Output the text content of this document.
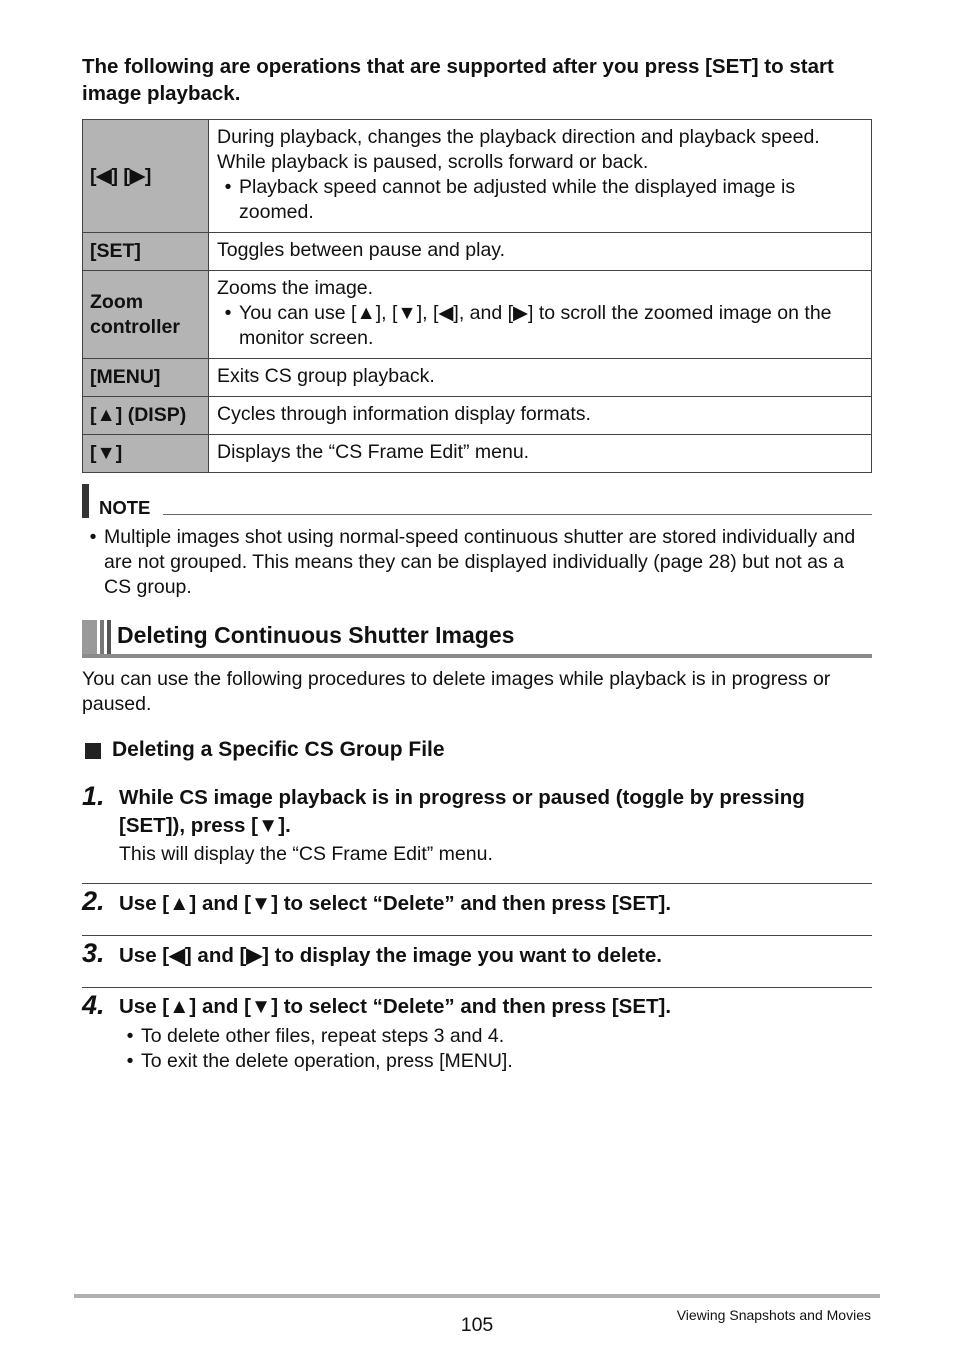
The following are operations that are supported after you press [SET] to start image playback.
[◀] [▶]	During playback, changes the playback direction and playback speed.
While playback is paused, scrolls forward or back.
• Playback speed cannot be adjusted while the displayed image is zoomed.

[SET]	Toggles between pause and play.

Zoom controller	Zooms the image.
• You can use [▲], [▼], [◀], and [▶] to scroll the zoomed image on the monitor screen.

[MENU]	Exits CS group playback.

[▲] (DISP)	Cycles through information display formats.

[▼]	Displays the “CS Frame Edit” menu.
NOTE
• Multiple images shot using normal-speed continuous shutter are stored individually and are not grouped. This means they can be displayed individually (page 28) but not as a CS group.
Deleting Continuous Shutter Images
You can use the following procedures to delete images while playback is in progress or paused.
Deleting a Specific CS Group File
1. While CS image playback is in progress or paused (toggle by pressing [SET]), press [▼].
This will display the “CS Frame Edit” menu.
2. Use [▲] and [▼] to select “Delete” and then press [SET].
3. Use [◀] and [▶] to display the image you want to delete.
4. Use [▲] and [▼] to select “Delete” and then press [SET].
• To delete other files, repeat steps 3 and 4.
• To exit the delete operation, press [MENU].
105	Viewing Snapshots and Movies
